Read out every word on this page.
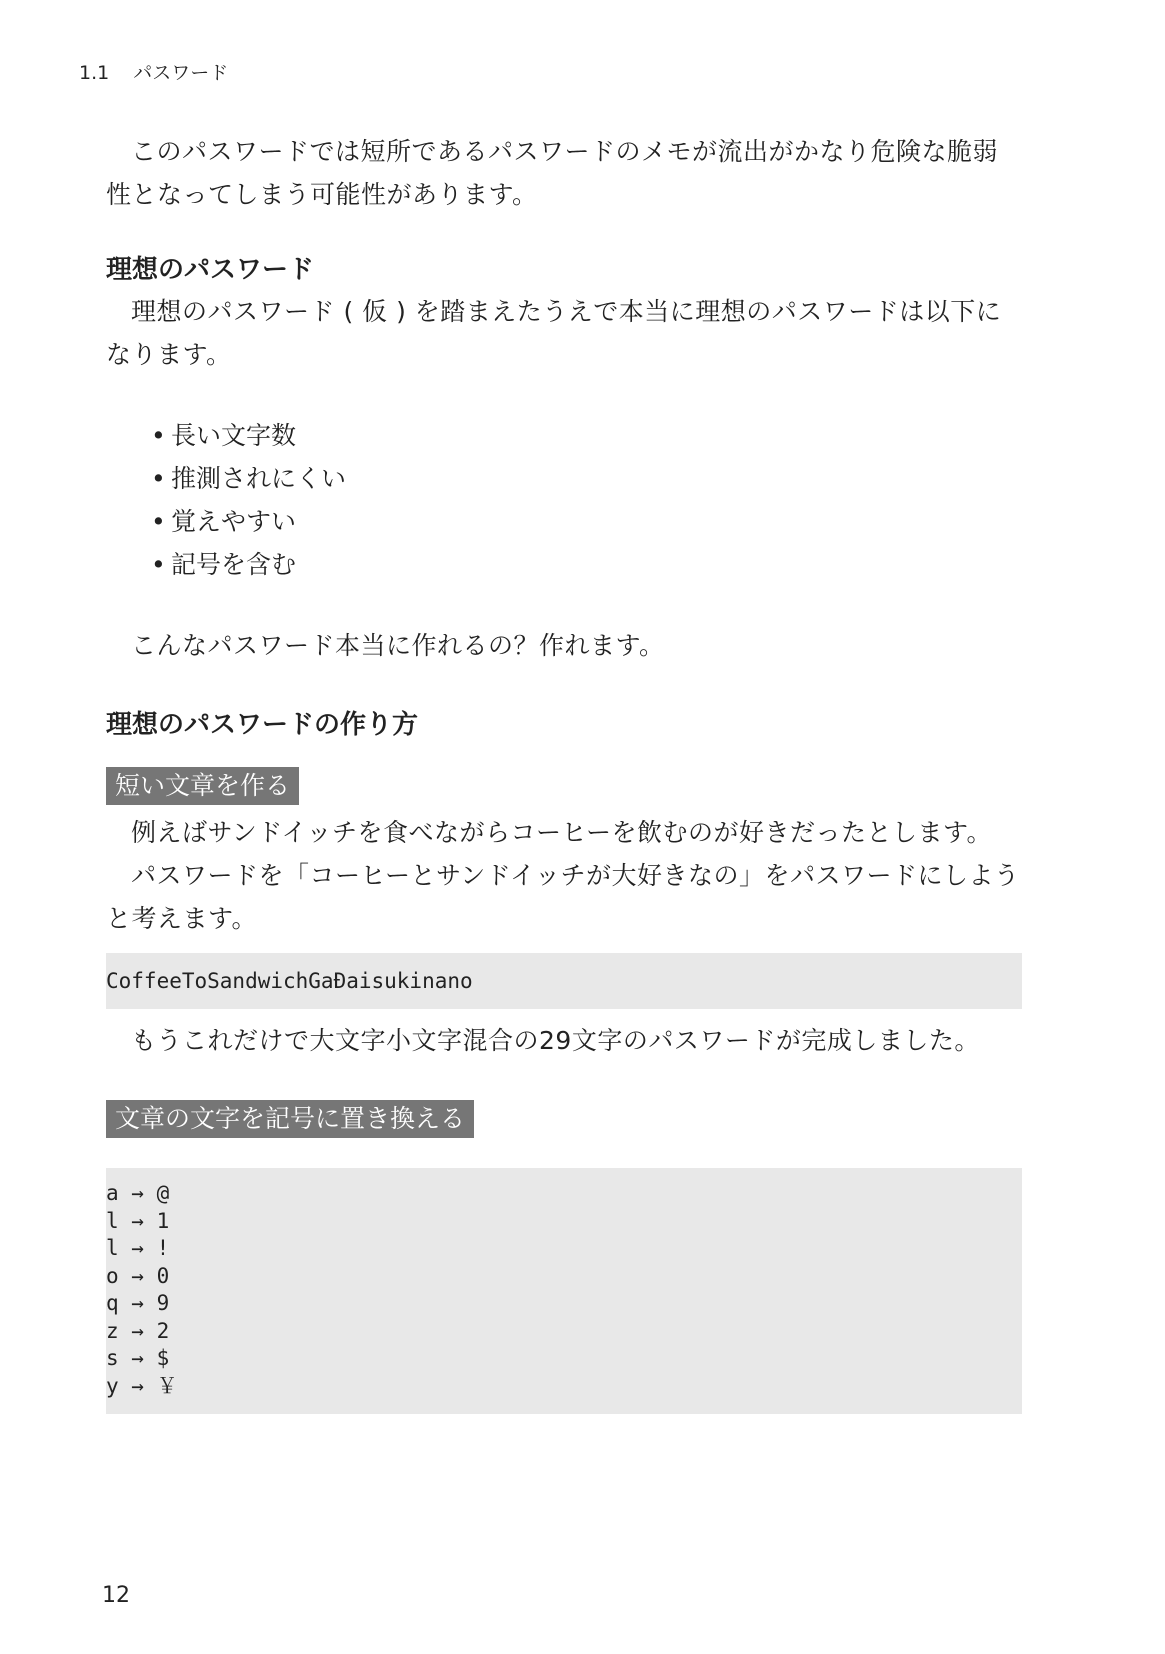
1.1 パスワード

このパスワードでは短所であるパスワードのメモが流出がかなり危険な脆弱性となってしまう可能性があります。

理想のパスワード

理想のパスワード ( 仮 ) を踏まえたうえで本当に理想のパスワードは以下になります。

• 長い文字数
• 推測されにくい
• 覚えやすい
• 記号を含む

こんなパスワード本当に作れるの？作れます。

理想のパスワードの作り方
短い文章を作る

例えばサンドイッチを食べながらコーヒーを飲むのが好きだったとします。

パスワードを「コーヒーとサンドイッチが大好きなの」をパスワードにしようと考えます。

CoffeeToSandwichGaĐaisukinano

もうこれだけで大文字小文字混合の29文字のパスワードが完成しました。

文章の文字を記号に置き換える
a → @
l → 1
l → !
o → 0
q → 9
z → 2
s → $
y → ￥
12
